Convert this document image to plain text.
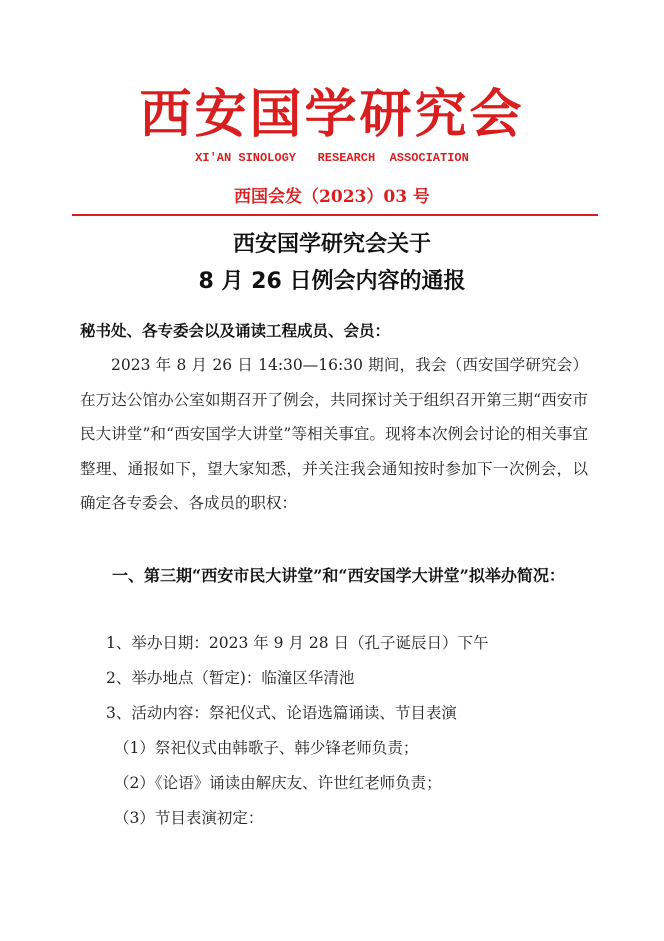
西安国学研究会
XI'AN SINOLOGY   RESEARCH  ASSOCIATION
西国会发（2023）03 号
西安国学研究会关于
8 月 26 日例会内容的通报
秘书处、各专委会以及诵读工程成员、会员：
2023 年 8 月 26 日 14:30—16:30 期间，我会（西安国学研究会）在万达公馆办公室如期召开了例会，共同探讨关于组织召开第三期“西安市民大讲堂”和“西安国学大讲堂”等相关事宜。现将本次例会讨论的相关事宜整理、通报如下，望大家知悉，并关注我会通知按时参加下一次例会，以确定各专委会、各成员的职权：
一、第三期“西安市民大讲堂”和“西安国学大讲堂”拟举办简况：
1、举办日期：2023 年 9 月 28 日（孔子诞辰日）下午
2、举办地点（暂定)：临潼区华清池
3、活动内容：祭祀仪式、论语选篇诵读、节目表演
（1）祭祀仪式由韩歌子、韩少锋老师负责；
（2）《论语》诵读由解庆友、许世红老师负责；
（3）节目表演初定：
